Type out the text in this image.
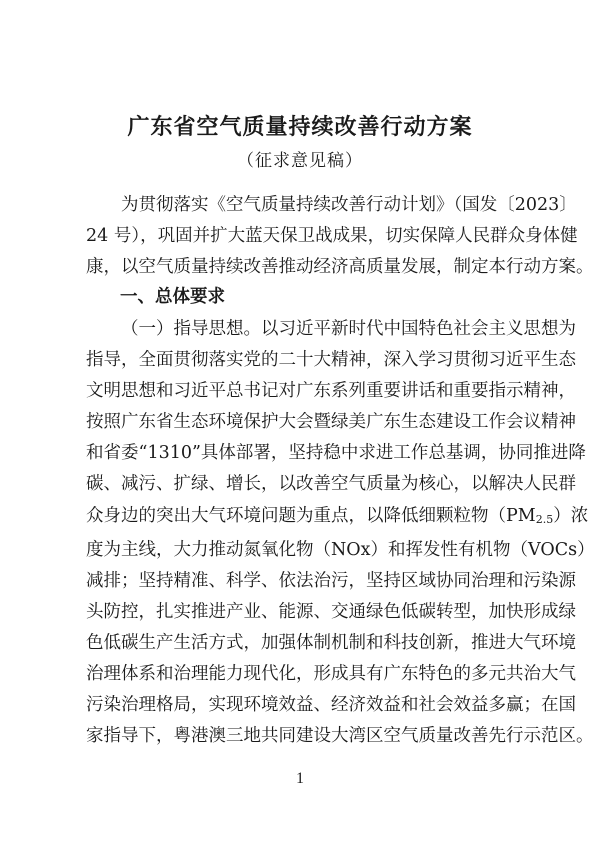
广东省空气质量持续改善行动方案
（征求意见稿）
为贯彻落实《空气质量持续改善行动计划》（国发〔2023〕
24 号），巩固并扩大蓝天保卫战成果，切实保障人民群众身体健
康，以空气质量持续改善推动经济高质量发展，制定本行动方案。
一、总体要求
（一）指导思想。以习近平新时代中国特色社会主义思想为
指导，全面贯彻落实党的二十大精神，深入学习贯彻习近平生态
文明思想和习近平总书记对广东系列重要讲话和重要指示精神，
按照广东省生态环境保护大会暨绿美广东生态建设工作会议精神
和省委“1310”具体部署，坚持稳中求进工作总基调，协同推进降
碳、减污、扩绿、增长，以改善空气质量为核心，以解决人民群
众身边的突出大气环境问题为重点，以降低细颗粒物$(PM_{2.5})$浓
度为主线，大力推动氮氧化物（NOx）和挥发性有机物（VOCs）
减排；坚持精准、科学、依法治污，坚持区域协同治理和污染源
头防控，扎实推进产业、能源、交通绿色低碳转型，加快形成绿
色低碳生产生活方式，加强体制机制和科技创新，推进大气环境
治理体系和治理能力现代化，形成具有广东特色的多元共治大气
污染治理格局，实现环境效益、经济效益和社会效益多赢；在国
家指导下，粤港澳三地共同建设大湾区空气质量改善先行示范区。
1
